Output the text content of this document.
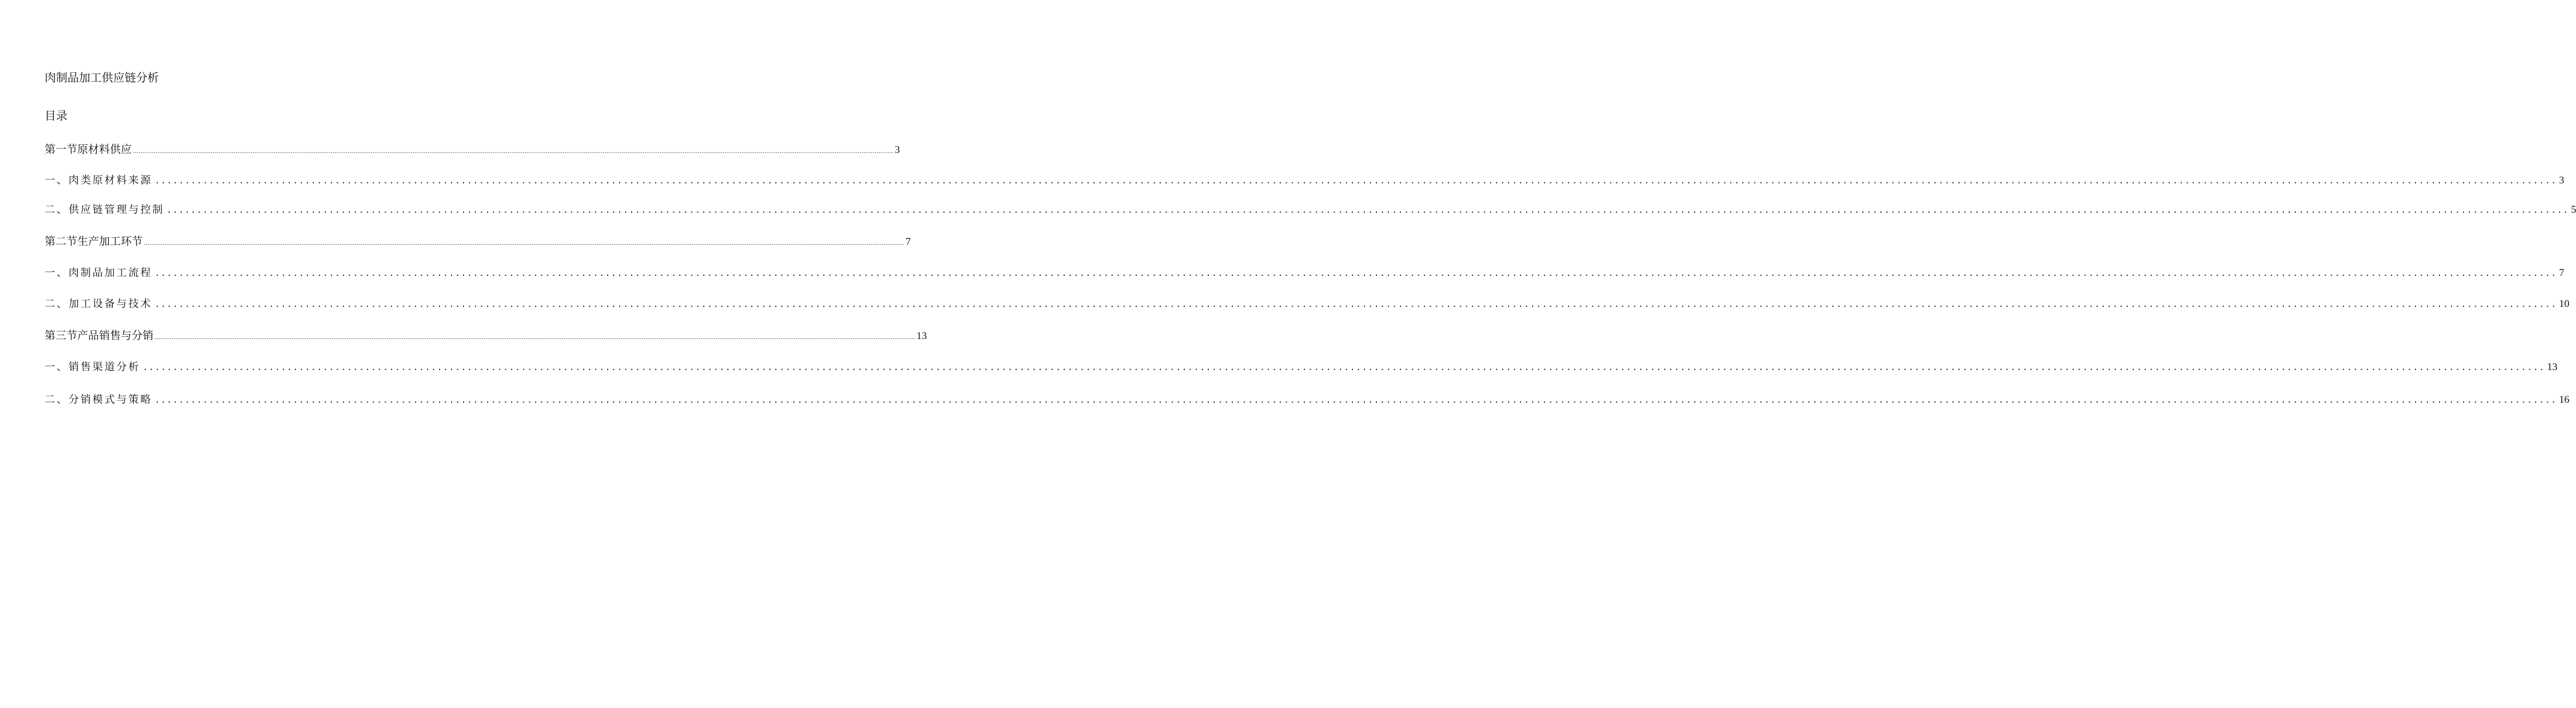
肉制品加工供应链分析
目录
第一节原材料供应 ................................................................................................................................................................................................................................................................................................................................................................................................................ 3
一、肉类原材料来源 ................................................................................................................................................................................................................................................................................................................................................................................................................ 3
二、供应链管理与控制 ................................................................................................................................................................................................................................................................................................................................................................................................................ 5
第二节生产加工环节 ................................................................................................................................................................................................................................................................................................................................................................................................................ 7
一、肉制品加工流程 ................................................................................................................................................................................................................................................................................................................................................................................................................ 7
二、加工设备与技术 ................................................................................................................................................................................................................................................................................................................................................................................................................ 10
第三节产品销售与分销 ................................................................................................................................................................................................................................................................................................................................................................................................................ 13
一、销售渠道分析 ................................................................................................................................................................................................................................................................................................................................................................................................................ 13
二、分销模式与策略 ................................................................................................................................................................................................................................................................................................................................................................................................................ 16
